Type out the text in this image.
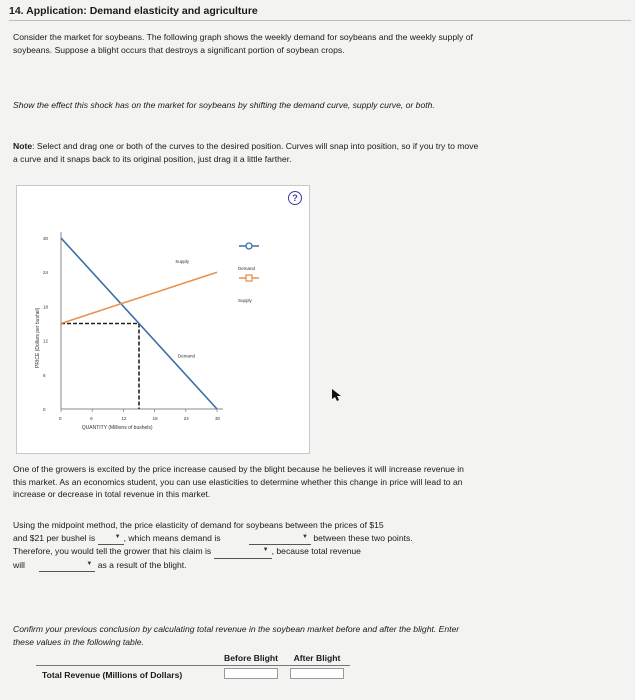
14. Application: Demand elasticity and agriculture
Consider the market for soybeans. The following graph shows the weekly demand for soybeans and the weekly supply of soybeans. Suppose a blight occurs that destroys a significant portion of soybean crops.
Show the effect this shock has on the market for soybeans by shifting the demand curve, supply curve, or both.
Note: Select and drag one or both of the curves to the desired position. Curves will snap into position, so if you try to move a curve and it snaps back to its original position, just drag it a little farther.
0
6
12
18
24
30
0	6	12	18	24	30
PRICE (Dollars per bushel)
QUANTITY (Millions of bushels)
Supply
Demand
Demand
Supply
?
One of the growers is excited by the price increase caused by the blight because he believes it will increase revenue in this market. As an economics student, you can use elasticities to determine whether this change in price will lead to an increase or decrease in total revenue in this market.
Using the midpoint method, the price elasticity of demand for soybeans between the prices of $15
and $21 per bushel is	▼ , which means demand is	▼ between these two points.
Therefore, you would tell the grower that his claim is	▼ , because total revenue
will	▼ as a result of the blight.
Confirm your previous conclusion by calculating total revenue in the soybean market before and after the blight. Enter these values in the following table.
	Before Blight	After Blight
Total Revenue (Millions of Dollars)		
